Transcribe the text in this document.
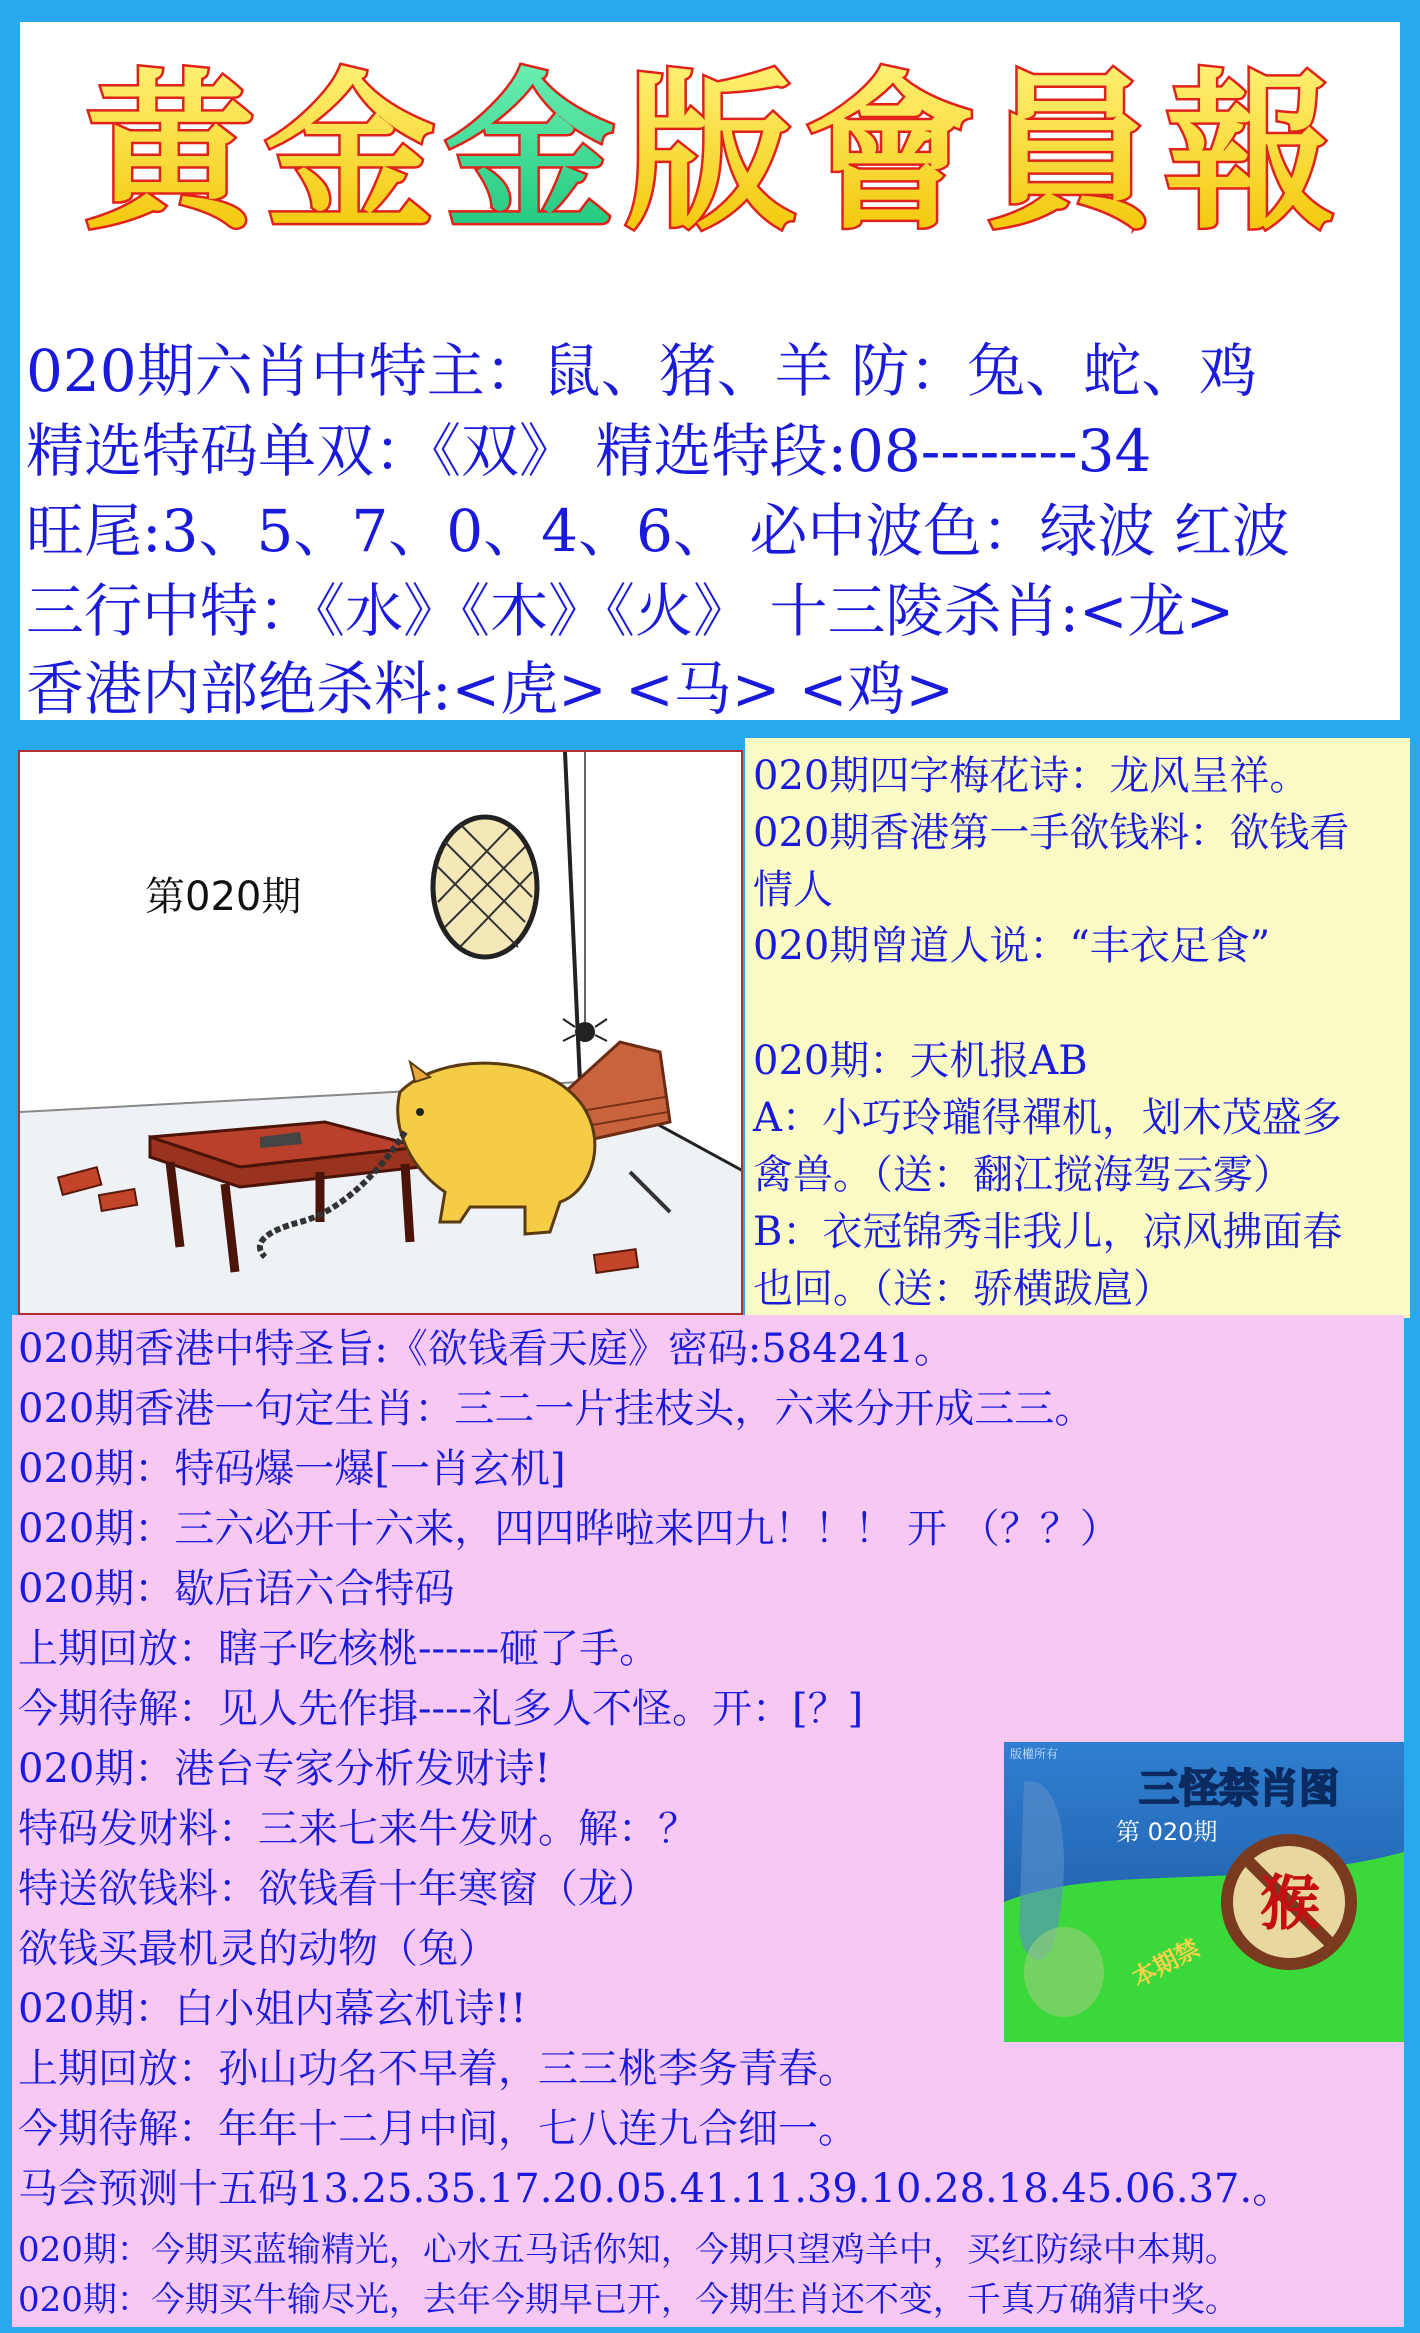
黄 金 金 版 會 員 報
020期六肖中特主：鼠、猪、羊 防：兔、蛇、鸡
精选特码单双：《双》 精选特段:08--------34
旺尾:3、5、7、0、4、6、 必中波色：绿波 红波
三行中特：《水》《木》《火》 十三陵杀肖:<龙>
香港内部绝杀料:<虎> <马> <鸡>
第020期
020期四字梅花诗：龙风呈祥。
020期香港第一手欲钱料：欲钱看
情人
020期曾道人说：“丰衣足食”
020期：天机报AB
A：小巧玲瓏得禪机，划木茂盛多
禽兽。（送：翻江搅海驾云雾）
B：衣冠锦秀非我儿，凉风拂面春
也回。（送：骄横跋扈）
020期香港中特圣旨:《欲钱看天庭》密码:584241。
020期香港一句定生肖：三二一片挂枝头，六来分开成三三。
020期：特码爆一爆[一肖玄机]
020期：三六必开十六来，四四晔啦来四九！！！ 开 （？？）
020期：歇后语六合特码
上期回放：瞎子吃核桃------砸了手。
今期待解：见人先作揖----礼多人不怪。开：[？]
020期：港台专家分析发财诗!
特码发财料：三来七来牛发财。解：？
特送欲钱料：欲钱看十年寒窗（龙）
欲钱买最机灵的动物（兔）
020期：白小姐内幕玄机诗!!
上期回放：孙山功名不早着，三三桃李务青春。
今期待解：年年十二月中间，七八连九合细一。
马会预测十五码13.25.35.17.20.05.41.11.39.10.28.18.45.06.37.。
020期：今期买蓝输精光，心水五马话你知，今期只望鸡羊中，买红防绿中本期。
020期：今期买牛输尽光，去年今期早已开，今期生肖还不变，千真万确猜中奖。
版權所有
三怪禁肖图
第 020期
猴
本期禁
